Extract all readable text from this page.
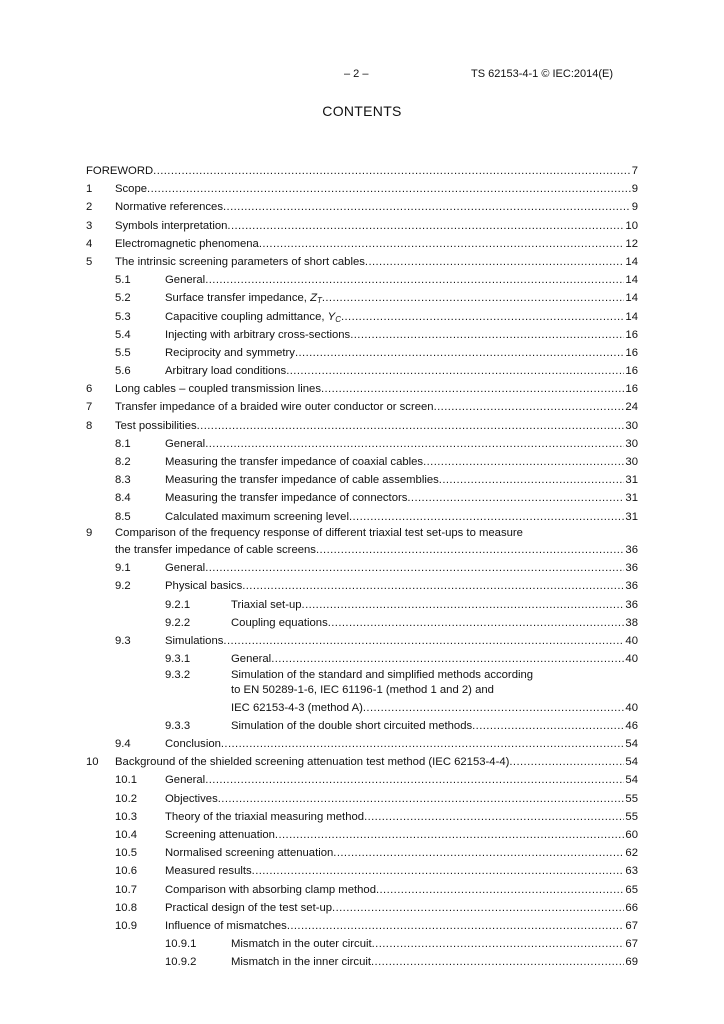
– 2 –	TS 62153-4-1 © IEC:2014(E)
CONTENTS
FOREWORD .....	7
1	Scope .....	9
2	Normative references .....	9
3	Symbols interpretation .....	10
4	Electromagnetic phenomena .....	12
5	The intrinsic screening parameters of short cables .....	14
5.1	General .....	14
5.2	Surface transfer impedance, $Z_T$ .....	14
5.3	Capacitive coupling admittance, $Y_C$ .....	14
5.4	Injecting with arbitrary cross-sections .....	16
5.5	Reciprocity and symmetry .....	16
5.6	Arbitrary load conditions .....	16
6	Long cables – coupled transmission lines .....	16
7	Transfer impedance of a braided wire outer conductor or screen .....	24
8	Test possibilities .....	30
8.1	General .....	30
8.2	Measuring the transfer impedance of coaxial cables .....	30
8.3	Measuring the transfer impedance of cable assemblies .....	31
8.4	Measuring the transfer impedance of connectors .....	31
8.5	Calculated maximum screening level .....	31
9	Comparison of the frequency response of different triaxial test set-ups to measure
the transfer impedance of cable screens .....	36
9.1	General .....	36
9.2	Physical basics .....	36
9.2.1	Triaxial set-up .....	36
9.2.2	Coupling equations .....	38
9.3	Simulations .....	40
9.3.1	General .....	40
9.3.2	Simulation of the standard and simplified methods according
to EN 50289-1-6, IEC 61196-1 (method 1 and 2) and
IEC 62153-4-3 (method A) .....	40
9.3.3	Simulation of the double short circuited methods .....	46
9.4	Conclusion .....	54
10	Background of the shielded screening attenuation test method (IEC 62153-4-4) .....	54
10.1	General .....	54
10.2	Objectives .....	55
10.3	Theory of the triaxial measuring method .....	55
10.4	Screening attenuation .....	60
10.5	Normalised screening attenuation .....	62
10.6	Measured results .....	63
10.7	Comparison with absorbing clamp method .....	65
10.8	Practical design of the test set-up .....	66
10.9	Influence of mismatches .....	67
10.9.1	Mismatch in the outer circuit .....	67
10.9.2	Mismatch in the inner circuit .....	69
